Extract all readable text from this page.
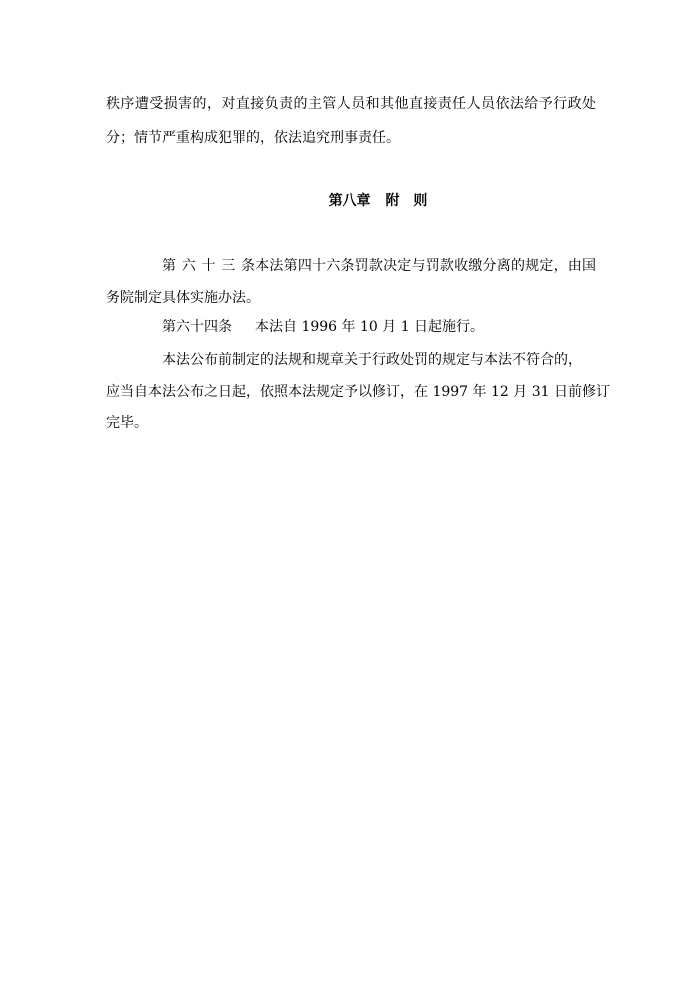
秩序遭受损害的，对直接负责的主管人员和其他直接责任人员依法给予行政处
分；情节严重构成犯罪的，依法追究刑事责任。
第八章 附　则
第六十三条本法第四十六条罚款决定与罚款收缴分离的规定，由国
务院制定具体实施办法。
第六十四条 本法自 1996 年 10 月 1 日起施行。
本法公布前制定的法规和规章关于行政处罚的规定与本法不符合的，
应当自本法公布之日起，依照本法规定予以修订，在 1997 年 12 月 31 日前修订
完毕。
